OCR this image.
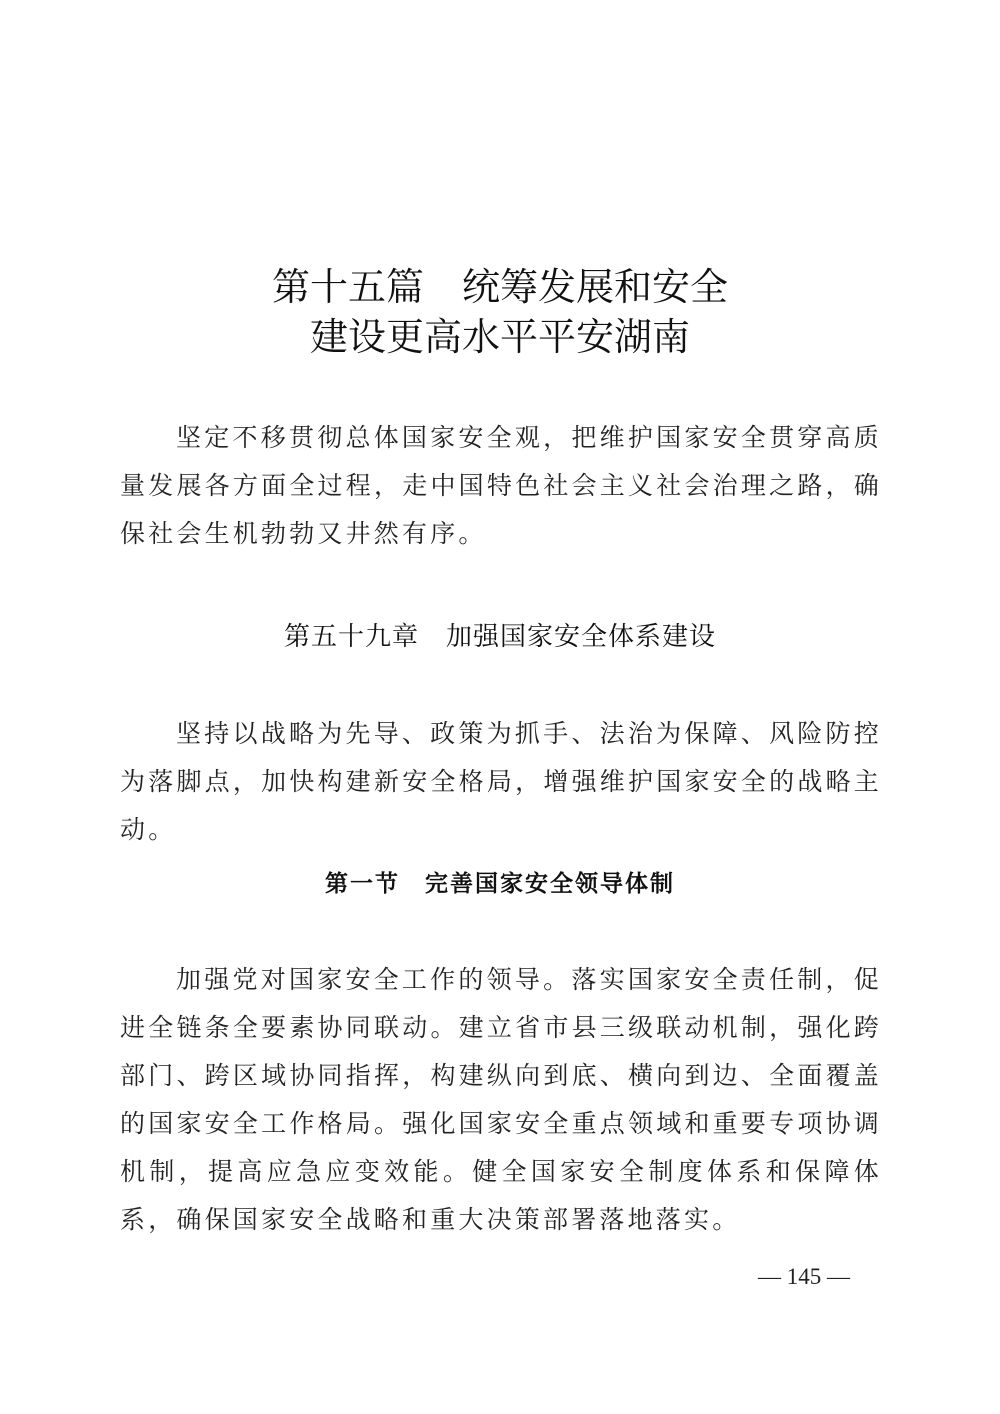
第十五篇　统筹发展和安全
建设更高水平平安湖南

坚定不移贯彻总体国家安全观，把维护国家安全贯穿高质量发展各方面全过程，走中国特色社会主义社会治理之路，确保社会生机勃勃又井然有序。

第五十九章　加强国家安全体系建设

坚持以战略为先导、政策为抓手、法治为保障、风险防控为落脚点，加快构建新安全格局，增强维护国家安全的战略主动。

第一节　完善国家安全领导体制

加强党对国家安全工作的领导。落实国家安全责任制，促进全链条全要素协同联动。建立省市县三级联动机制，强化跨部门、跨区域协同指挥，构建纵向到底、横向到边、全面覆盖的国家安全工作格局。强化国家安全重点领域和重要专项协调机制，提高应急应变效能。健全国家安全制度体系和保障体系，确保国家安全战略和重大决策部署落地落实。

— 145 —
